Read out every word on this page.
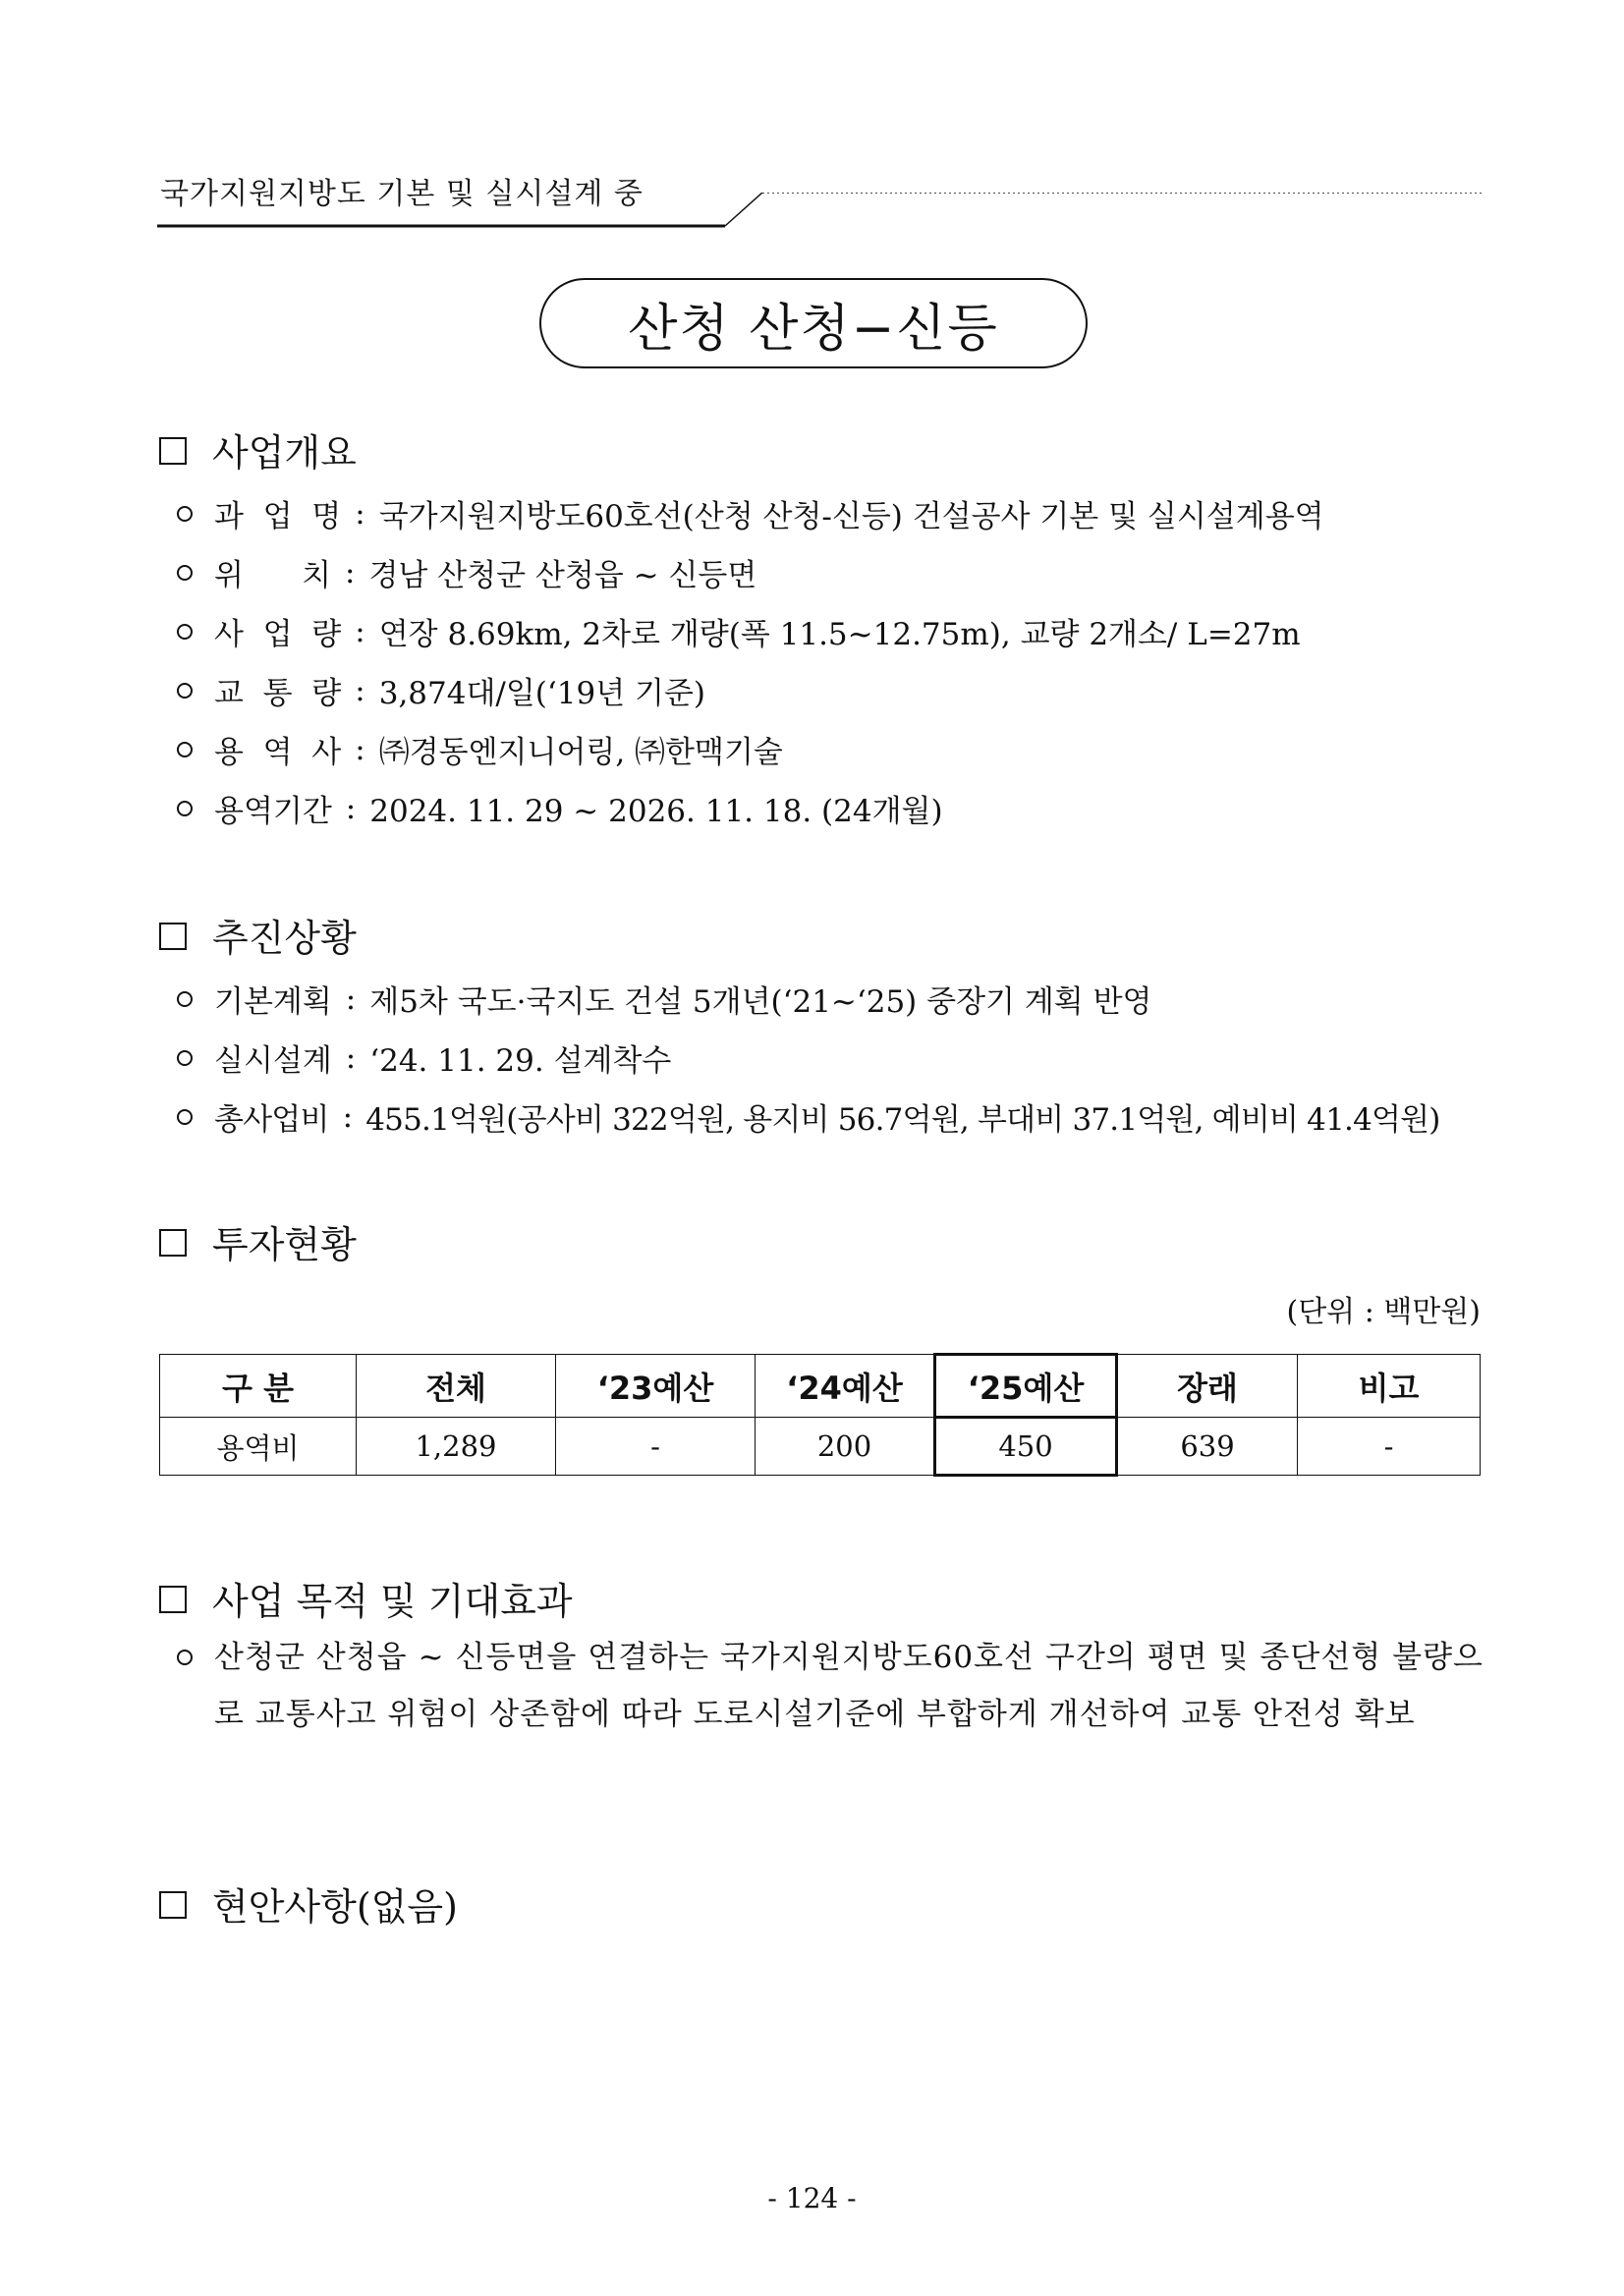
국가지원지방도 기본 및 실시설계 중
산청 산청−신등
사업개요
과  업  명 : 국가지원지방도60호선(산청 산청-신등) 건설공사 기본 및 실시설계용역
위      치 : 경남 산청군 산청읍 ~ 신등면
사  업  량 : 연장 8.69km, 2차로 개량(폭 11.5~12.75m), 교량 2개소/ L=27m
교  통  량 : 3,874대/일(‘19년 기준)
용  역  사 : ㈜경동엔지니어링, ㈜한맥기술
용역기간 : 2024. 11. 29 ~ 2026. 11. 18. (24개월)
추진상황
기본계획 : 제5차 국도·국지도 건설 5개년(‘21~‘25) 중장기 계획 반영
실시설계 : ‘24. 11. 29. 설계착수
총사업비 : 455.1억원(공사비 322억원, 용지비 56.7억원, 부대비 37.1억원, 예비비 41.4억원)
투자현황
(단위 : 백만원)
구 분	전체	‘23예산	‘24예산	‘25예산	장래	비고
용역비	1,289	-	200	450	639	-
사업 목적 및 기대효과
산청군 산청읍 ~ 신등면을 연결하는 국가지원지방도60호선 구간의 평면 및 종단선형 불량으로 교통사고 위험이 상존함에 따라 도로시설기준에 부합하게 개선하여 교통 안전성 확보
현안사항(없음)
- 124 -
